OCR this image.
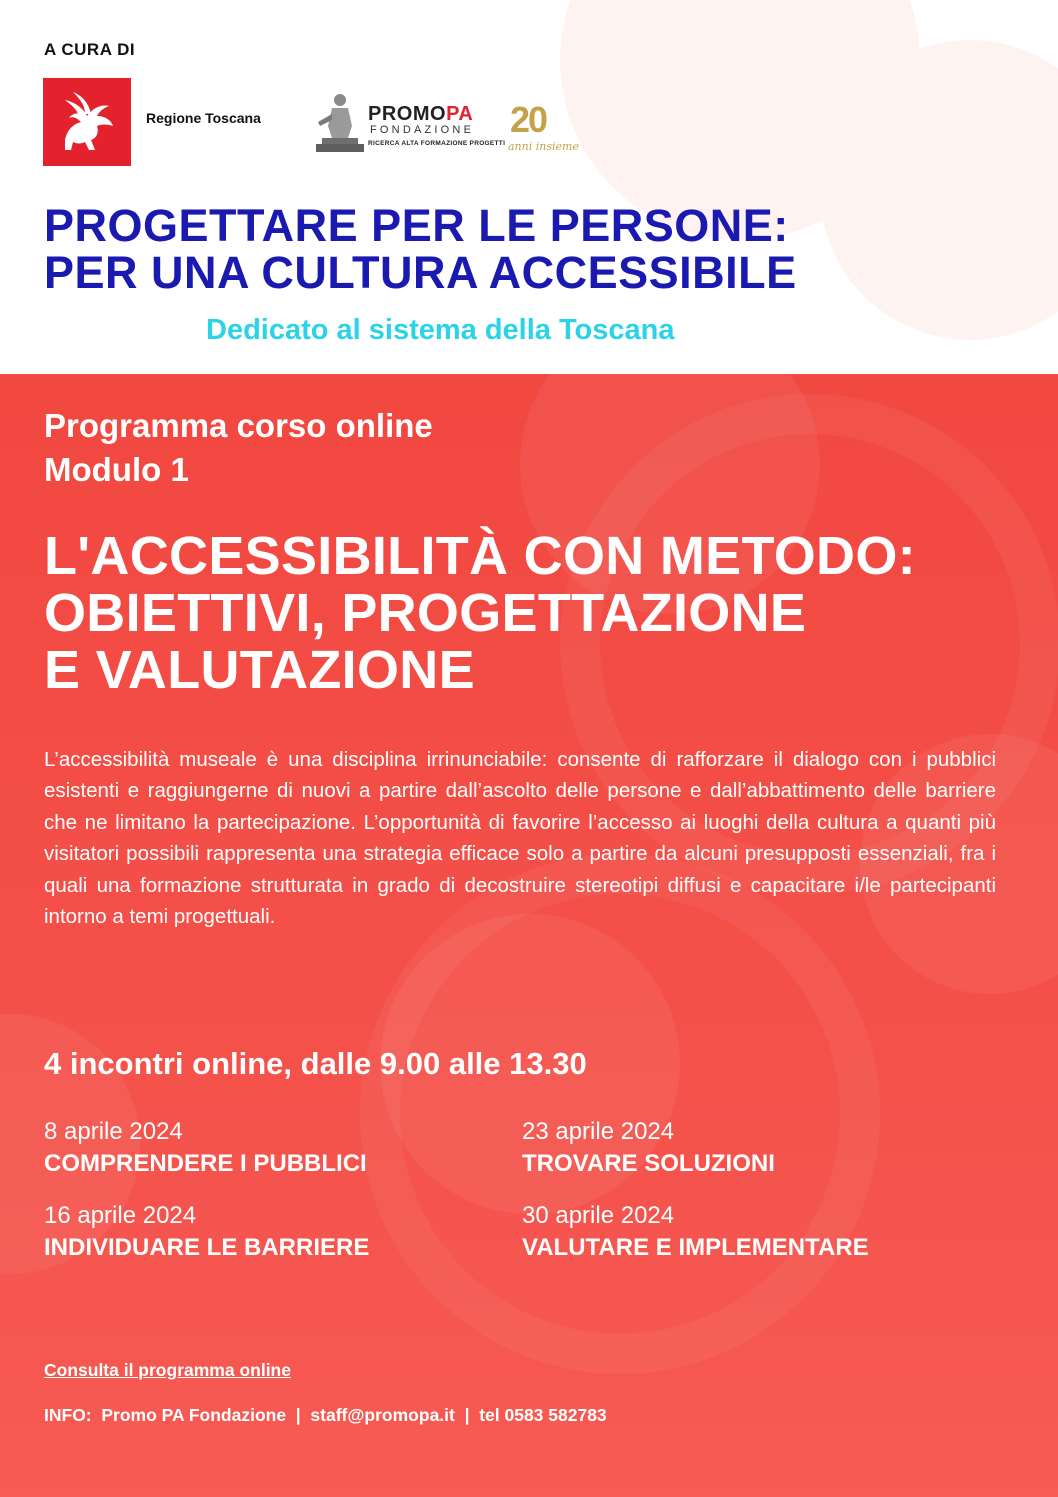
A CURA DI
Regione Toscana	PROMOPA
FONDAZIONE
RICERCA ALTA FORMAZIONE PROGETTI
20
anni insieme
PROGETTARE PER LE PERSONE:
PER UNA CULTURA ACCESSIBILE
Dedicato al sistema della Toscana
Programma corso online
Modulo 1
L'ACCESSIBILITÀ CON METODO:
OBIETTIVI, PROGETTAZIONE
E VALUTAZIONE
L’accessibilità museale è una disciplina irrinunciabile: consente di rafforzare il dialogo con i pubblici esistenti e raggiungerne di nuovi a partire dall’ascolto delle persone e dall’abbattimento delle barriere che ne limitano la partecipazione. L’opportunità di favorire l’accesso ai luoghi della cultura a quanti più visitatori possibili rappresenta una strategia efficace solo a partire da alcuni presupposti essenziali, fra i quali una formazione strutturata in grado di decostruire stereotipi diffusi e capacitare i/le partecipanti intorno a temi progettuali.
4 incontri online, dalle 9.00 alle 13.30
8 aprile 2024
COMPRENDERE I PUBBLICI
23 aprile 2024
TROVARE SOLUZIONI
16 aprile 2024
INDIVIDUARE LE BARRIERE
30 aprile 2024
VALUTARE E IMPLEMENTARE
Consulta il programma online
INFO:  Promo PA Fondazione  |  staff@promopa.it  |  tel 0583 582783
